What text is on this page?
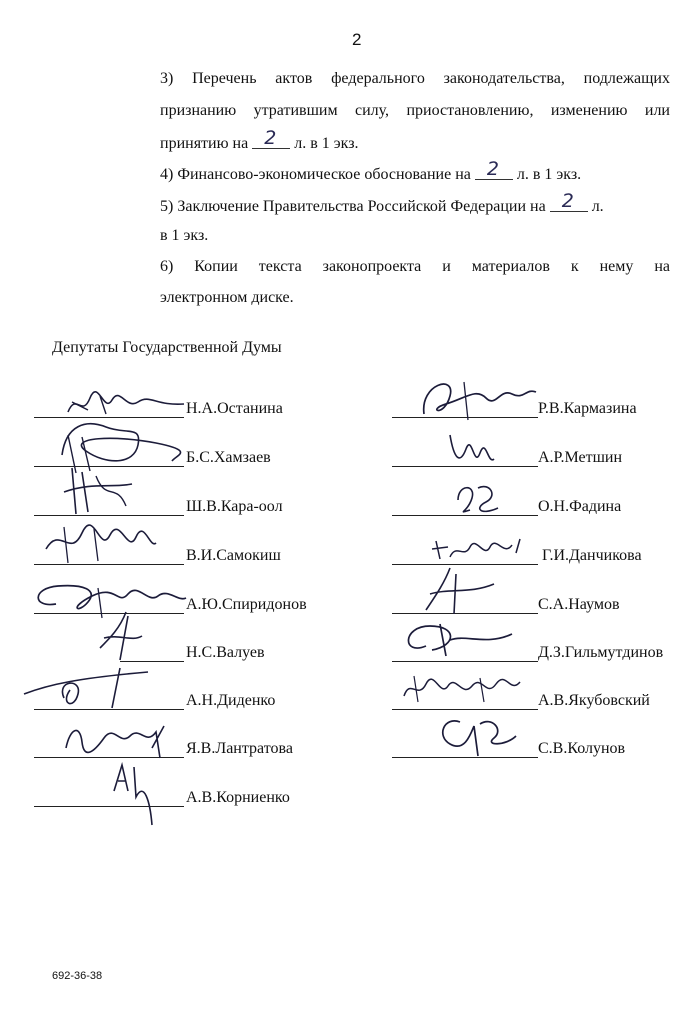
2
3) Перечень актов федерального законодательства, подлежащих
признанию утратившим силу, приостановлению, изменению или
принятию на 2 л. в 1 экз.
4) Финансово-экономическое обоснование на 2 л. в 1 экз.
5) Заключение Правительства Российской Федерации на 2 л.
в 1 экз.
6) Копии текста законопроекта и материалов к нему на
электронном диске.
Депутаты Государственной Думы
Н.А.Останина
Б.С.Хамзаев
Ш.В.Кара-оол
В.И.Самокиш
А.Ю.Спиридонов
Н.С.Валуев
А.Н.Диденко
Я.В.Лантратова
А.В.Корниенко
Р.В.Кармазина
А.Р.Метшин
О.Н.Фадина
Г.И.Данчикова
С.А.Наумов
Д.З.Гильмутдинов
А.В.Якубовский
С.В.Колунов
692-36-38
